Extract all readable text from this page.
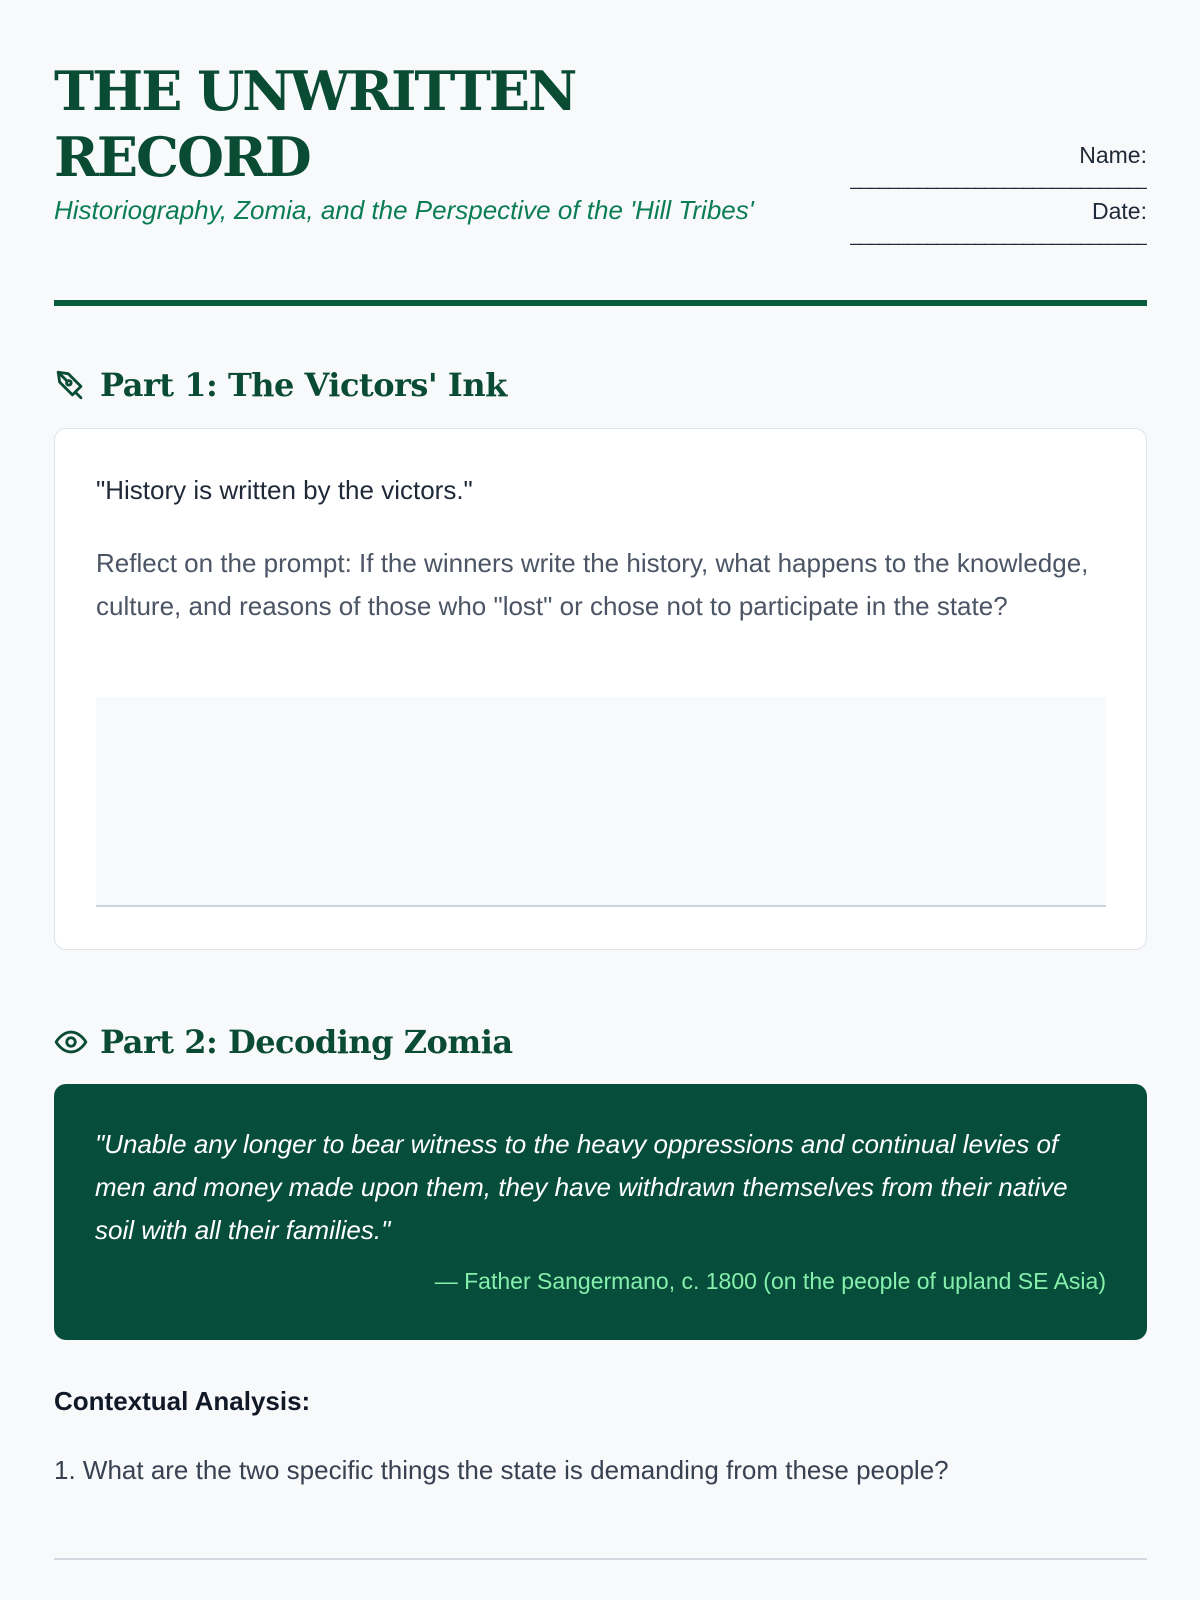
THE UNWRITTEN
RECORD

Historiography, Zomia, and the Perspective of the 'Hill Tribes'

Name:
_______________________________
Date:
_______________________________
Part 1: The Victors' Ink
"History is written by the victors."
Reflect on the prompt: If the winners write the history, what happens to the knowledge, culture, and reasons of those who "lost" or chose not to participate in the state?
Part 2: Decoding Zomia
"Unable any longer to bear witness to the heavy oppressions and continual levies of men and money made upon them, they have withdrawn themselves from their native soil with all their families."
— Father Sangermano, c. 1800 (on the people of upland SE Asia)
Contextual Analysis:
1. What are the two specific things the state is demanding from these people?
